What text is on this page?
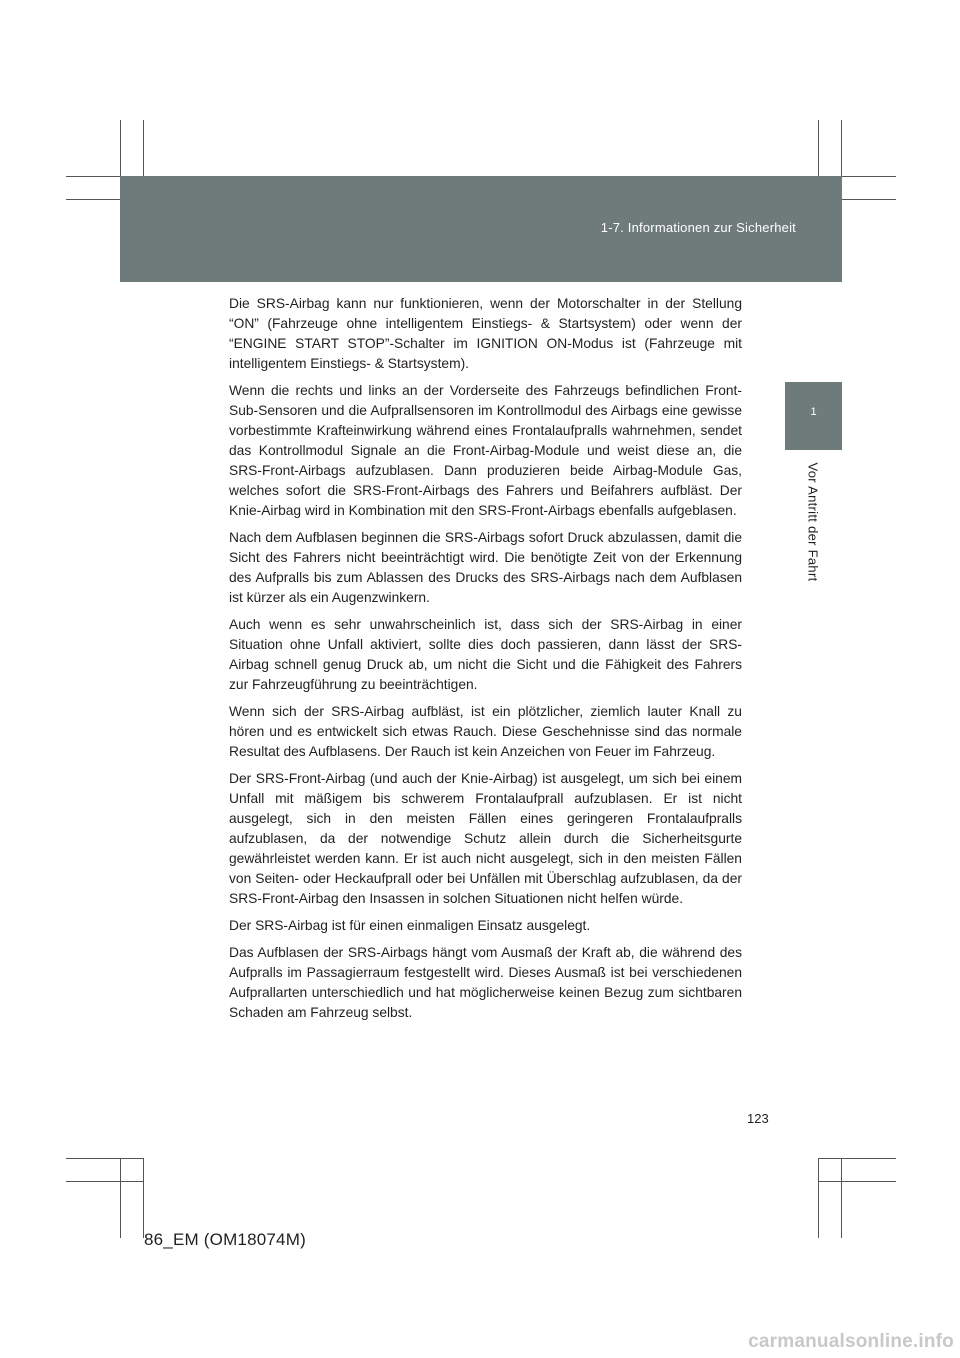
1-7. Informationen zur Sicherheit
1
Vor Antritt der Fahrt

Die SRS-Airbag kann nur funktionieren, wenn der Motorschalter in der Stellung “ON” (Fahrzeuge ohne intelligentem Einstiegs- & Startsystem) oder wenn der “ENGINE START STOP”-Schalter im IGNITION ON-Modus ist (Fahrzeuge mit intelligentem Einstiegs- & Startsystem).

Wenn die rechts und links an der Vorderseite des Fahrzeugs befindlichen Front-Sub-Sensoren und die Aufprallsensoren im Kontrollmodul des Airbags eine gewisse vorbestimmte Krafteinwirkung während eines Frontalaufpralls wahrnehmen, sendet das Kontrollmodul Signale an die Front-Airbag-Module und weist diese an, die SRS-Front-Airbags aufzublasen. Dann produzieren beide Airbag-Module Gas, welches sofort die SRS-Front-Airbags des Fahrers und Beifahrers aufbläst. Der Knie-Airbag wird in Kombination mit den SRS-Front-Airbags ebenfalls aufgeblasen.

Nach dem Aufblasen beginnen die SRS-Airbags sofort Druck abzulassen, damit die Sicht des Fahrers nicht beeinträchtigt wird. Die benötigte Zeit von der Erkennung des Aufpralls bis zum Ablassen des Drucks des SRS-Airbags nach dem Aufblasen ist kürzer als ein Augenzwinkern.

Auch wenn es sehr unwahrscheinlich ist, dass sich der SRS-Airbag in einer Situation ohne Unfall aktiviert, sollte dies doch passieren, dann lässt der SRS-Airbag schnell genug Druck ab, um nicht die Sicht und die Fähigkeit des Fahrers zur Fahrzeugführung zu beeinträchtigen.

Wenn sich der SRS-Airbag aufbläst, ist ein plötzlicher, ziemlich lauter Knall zu hören und es entwickelt sich etwas Rauch. Diese Geschehnisse sind das normale Resultat des Aufblasens. Der Rauch ist kein Anzeichen von Feuer im Fahrzeug.

Der SRS-Front-Airbag (und auch der Knie-Airbag) ist ausgelegt, um sich bei einem Unfall mit mäßigem bis schwerem Frontalaufprall aufzublasen. Er ist nicht ausgelegt, sich in den meisten Fällen eines geringeren Frontalaufpralls aufzublasen, da der notwendige Schutz allein durch die Sicherheitsgurte gewährleistet werden kann. Er ist auch nicht ausgelegt, sich in den meisten Fällen von Seiten- oder Heckaufprall oder bei Unfällen mit Überschlag aufzublasen, da der SRS-Front-Airbag den Insassen in solchen Situationen nicht helfen würde.

Der SRS-Airbag ist für einen einmaligen Einsatz ausgelegt.

Das Aufblasen der SRS-Airbags hängt vom Ausmaß der Kraft ab, die während des Aufpralls im Passagierraum festgestellt wird. Dieses Ausmaß ist bei verschiedenen Aufprallarten unterschiedlich und hat möglicherweise keinen Bezug zum sichtbaren Schaden am Fahrzeug selbst.

123
86_EM (OM18074M)
carmanualsonline.info
